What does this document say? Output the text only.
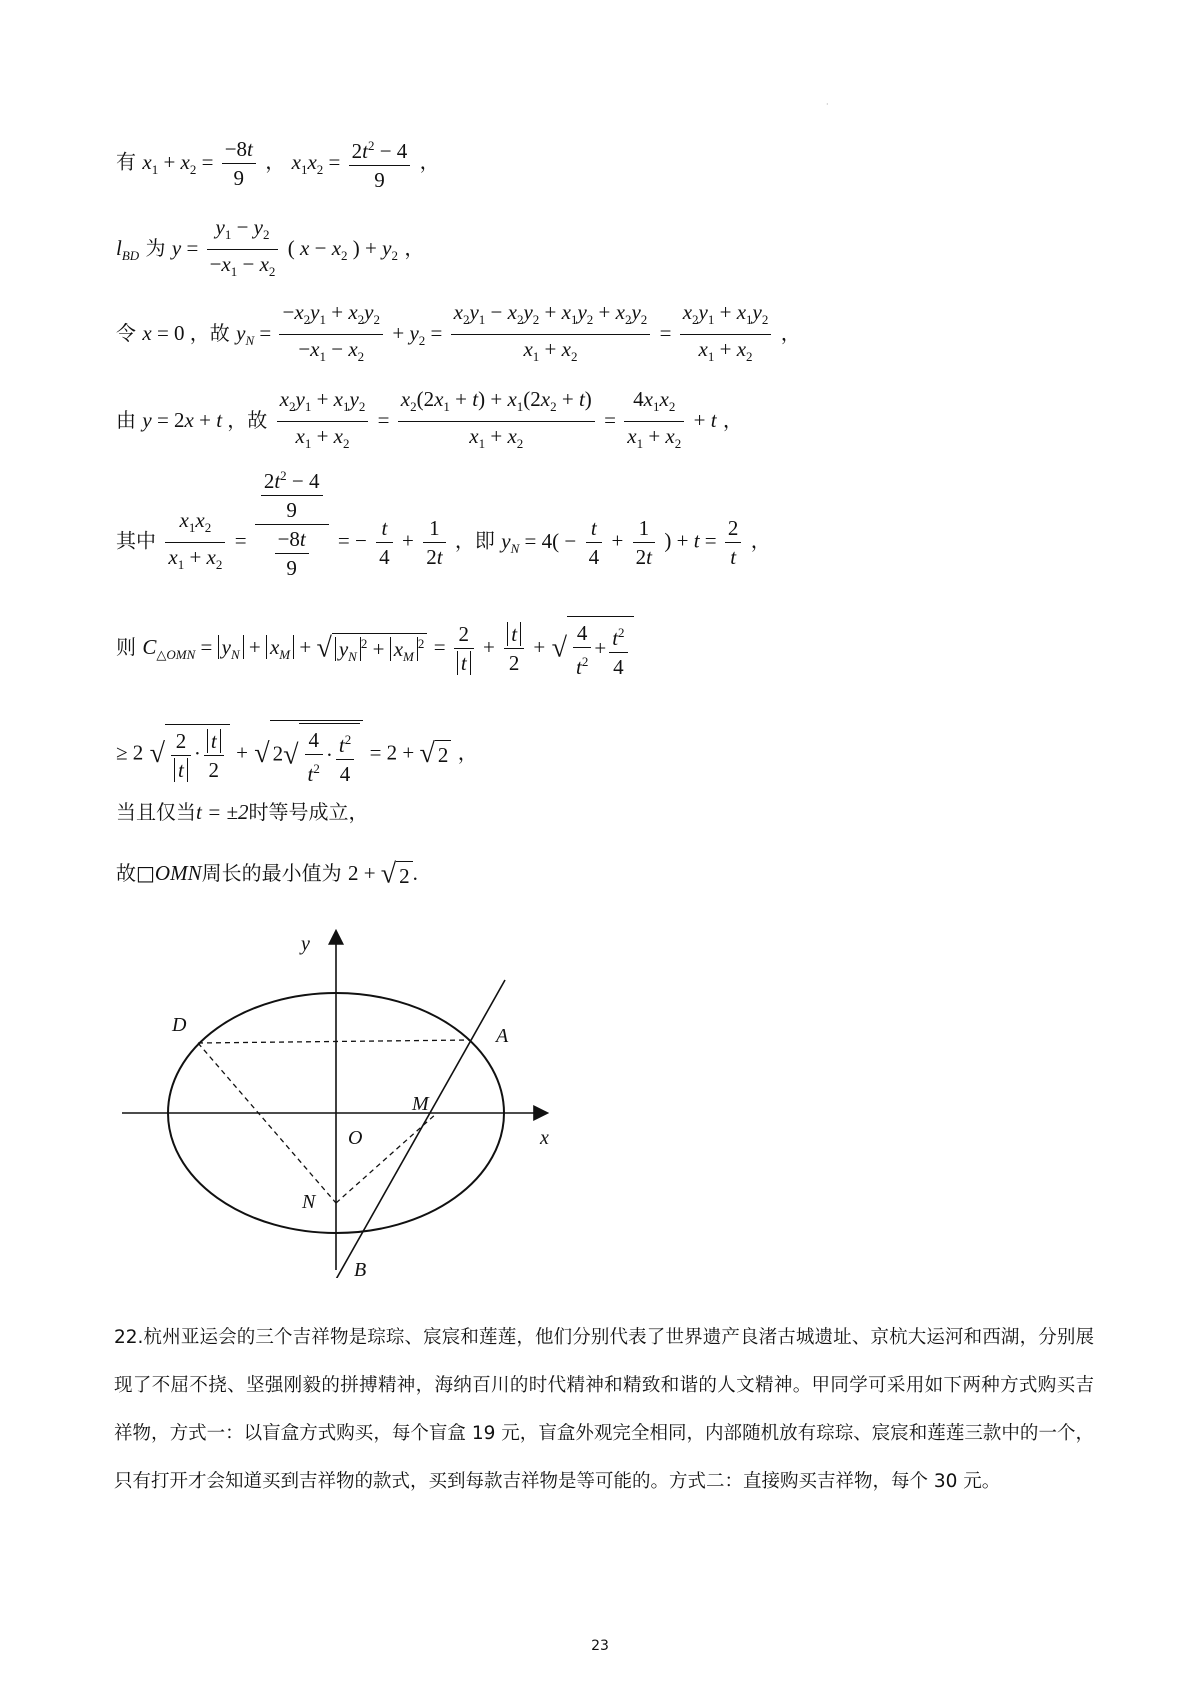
·
有 $x_1 + x_2 = \frac{-8t}{9}$ ， $x_1x_2 = \frac{2t^2 - 4}{9}$ ，
$l_{BD}$ 为 $y = \frac{y_1 - y_2}{-x_1 - x_2}$ ( $x - x_2$ ) + $y_2$ ，
令 x = 0 ，故 $y_N = \frac{-x_2y_1 + x_2y_2}{-x_1 - x_2} + y_2 = \frac{x_2y_1 - x_2y_2 + x_1y_2 + x_2y_2}{x_1 + x_2} = \frac{x_2y_1 + x_1y_2}{x_1 + x_2}$ ，
由 y = 2x + t ，故 $\frac{x_2y_1 + x_1y_2}{x_1 + x_2} = \frac{x_2(2x_1 + t) + x_1(2x_2 + t)}{x_1 + x_2} = \frac{4x_1x_2}{x_1 + x_2} + t$ ，
其中 $\frac{x_1x_2}{x_1 + x_2} = \frac{\frac{2t^2 - 4}{9}}{\frac{-8t}{9}}$ = − $\frac{t}{4} + \frac{1}{2t}$ ，即 $y_N = 4( - \frac{t}{4} + \frac{1}{2t}$ ) + $t = \frac{2}{t}$ ，
则 $C_{\triangle OMN} = y_N + x_M$ + √ $y_N^2 + x_M^2 = \frac{2}{t} + \frac{t}{2}$ + √ $\frac{4}{t^2} + \frac{t^2}{4}$
≥ 2 √ $\frac{2}{t} \cdot \frac{t}{2}$ + √ $2√ \frac{4}{t^2} \cdot \frac{t^2}{4} = 2$ + √ 2 ，
当且仅当t = ±2时等号成立，
故□OMN周长的最小值为 2 + √ 2 .
y
x
O
D	A
M
N
B
22.杭州亚运会的三个吉祥物是琮琮、宸宸和莲莲，他们分别代表了世界遗产良渚古城遗址、京杭大运河和西湖，分别展现了不屈不挠、坚强刚毅的拼搏精神，海纳百川的时代精神和精致和谐的人文精神。甲同学可采用如下两种方式购买吉祥物，方式一：以盲盒方式购买，每个盲盒 19 元，盲盒外观完全相同，内部随机放有琮琮、宸宸和莲莲三款中的一个，只有打开才会知道买到吉祥物的款式，买到每款吉祥物是等可能的。方式二：直接购买吉祥物，每个 30 元。
23
